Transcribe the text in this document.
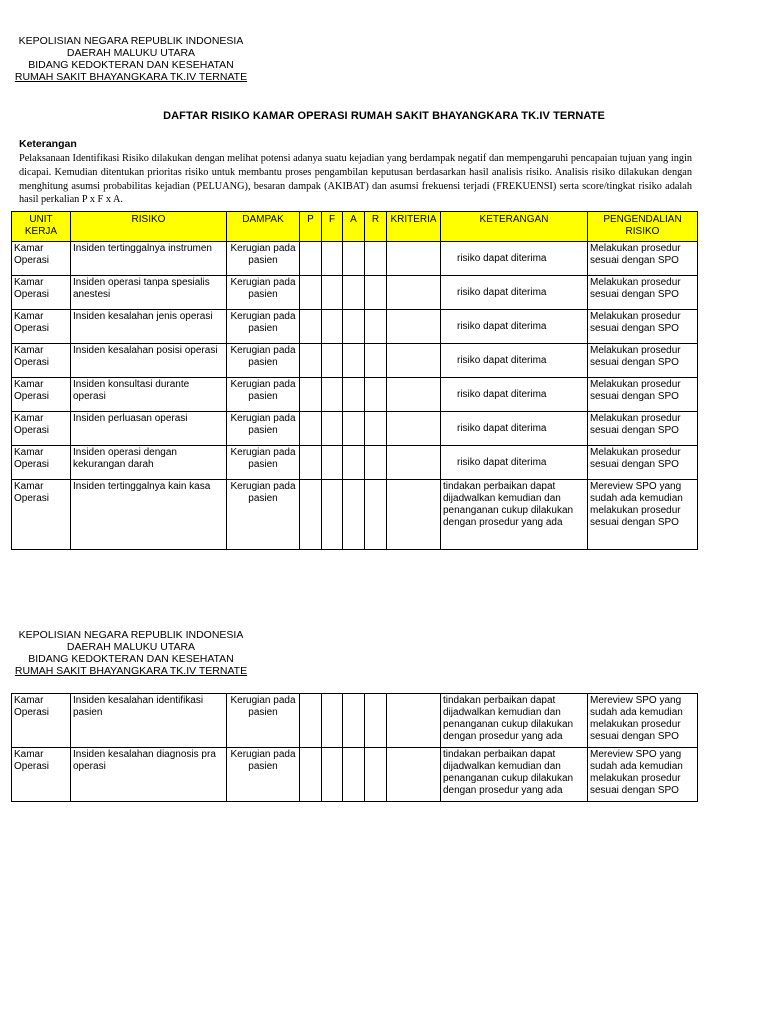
KEPOLISIAN NEGARA REPUBLIK INDONESIA
DAERAH MALUKU UTARA
BIDANG KEDOKTERAN DAN KESEHATAN
RUMAH SAKIT BHAYANGKARA TK.IV TERNATE
DAFTAR RISIKO KAMAR OPERASI RUMAH SAKIT BHAYANGKARA TK.IV TERNATE
Keterangan
Pelaksanaan Identifikasi Risiko dilakukan dengan melihat potensi adanya suatu kejadian yang berdampak negatif dan mempengaruhi pencapaian tujuan yang ingin dicapai. Kemudian ditentukan prioritas risiko untuk membantu proses pengambilan keputusan berdasarkan hasil analisis risiko. Analisis risiko dilakukan dengan menghitung asumsi probabilitas kejadian (PELUANG), besaran dampak (AKIBAT) dan asumsi frekuensi terjadi (FREKUENSI) serta score/tingkat risiko adalah hasil perkalian P x F x A.
UNIT KERJA	RISIKO	DAMPAK	P	F	A	R	KRITERIA	KETERANGAN	PENGENDALIAN RISIKO
Kamar Operasi	Insiden tertinggalnya instrumen	Kerugian pada pasien						risiko dapat diterima	Melakukan prosedur sesuai dengan SPO
Kamar Operasi	Insiden operasi tanpa spesialis anestesi	Kerugian pada pasien						risiko dapat diterima	Melakukan prosedur sesuai dengan SPO
Kamar Operasi	Insiden kesalahan jenis operasi	Kerugian pada pasien						risiko dapat diterima	Melakukan prosedur sesuai dengan SPO
Kamar Operasi	Insiden kesalahan posisi operasi	Kerugian pada pasien						risiko dapat diterima	Melakukan prosedur sesuai dengan SPO
Kamar Operasi	Insiden konsultasi durante operasi	Kerugian pada pasien						risiko dapat diterima	Melakukan prosedur sesuai dengan SPO
Kamar Operasi	Insiden perluasan operasi	Kerugian pada pasien						risiko dapat diterima	Melakukan prosedur sesuai dengan SPO
Kamar Operasi	Insiden operasi dengan kekurangan darah	Kerugian pada pasien						risiko dapat diterima	Melakukan prosedur sesuai dengan SPO
Kamar Operasi	Insiden tertinggalnya kain kasa	Kerugian pada pasien						tindakan perbaikan dapat dijadwalkan kemudian dan penanganan cukup dilakukan dengan prosedur yang ada	Mereview SPO yang sudah ada kemudian melakukan prosedur sesuai dengan SPO
KEPOLISIAN NEGARA REPUBLIK INDONESIA
DAERAH MALUKU UTARA
BIDANG KEDOKTERAN DAN KESEHATAN
RUMAH SAKIT BHAYANGKARA TK.IV TERNATE
Kamar Operasi	Insiden kesalahan identifikasi pasien	Kerugian pada pasien						tindakan perbaikan dapat dijadwalkan kemudian dan penanganan cukup dilakukan dengan prosedur yang ada	Mereview SPO yang sudah ada kemudian melakukan prosedur sesuai dengan SPO
Kamar Operasi	Insiden kesalahan diagnosis pra operasi	Kerugian pada pasien						tindakan perbaikan dapat dijadwalkan kemudian dan penanganan cukup dilakukan dengan prosedur yang ada	Mereview SPO yang sudah ada kemudian melakukan prosedur sesuai dengan SPO
